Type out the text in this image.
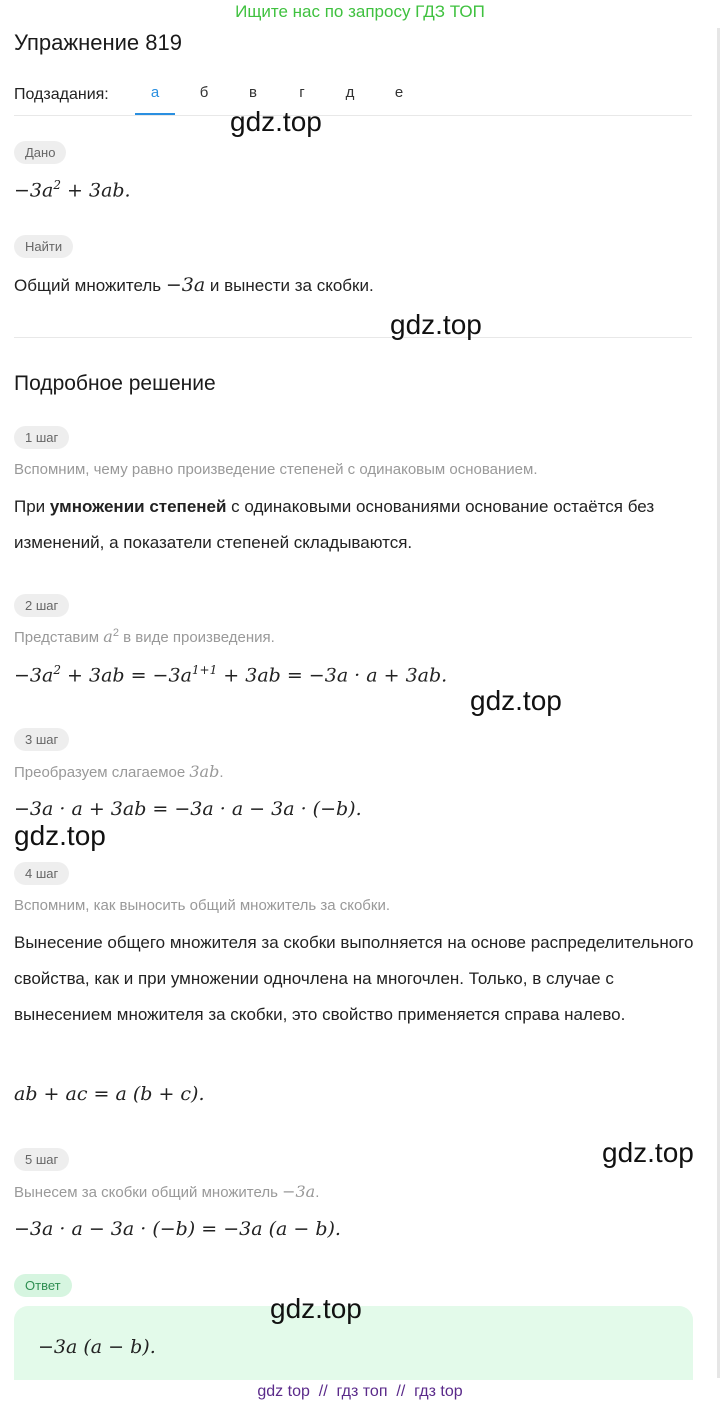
Ищите нас по запросу ГДЗ ТОП
Упражнение 819
Подзадания:	а	б	в	г	д	е
Дано
$-3a^2 + 3ab$.
Найти
Общий множитель −3a и вынести за скобки.
Подробное решение
1 шаг
Вспомним, чему равно произведение степеней с одинаковым основанием.
При умножении степеней с одинаковыми основаниями основание остаётся без изменений, а показатели степеней складываются.
2 шаг
Представим $a^2$ в виде произведения.
$-3a^2 + 3ab = -3a^{1+1} + 3ab = -3a \cdot a + 3ab$.
3 шаг
Преобразуем слагаемое 3ab.
−3a · a + 3ab = −3a · a − 3a · (−b).
4 шаг
Вспомним, как выносить общий множитель за скобки.
Вынесение общего множителя за скобки выполняется на основе распределительного свойства, как и при умножении одночлена на многочлен. Только, в случае с вынесением множителя за скобки, это свойство применяется справа налево.
ab + ac = a (b + c).
5 шаг
Вынесем за скобки общий множитель −3a.
−3a · a − 3a · (−b) = −3a (a − b).
Ответ
−3a (a − b).
gdz.top
gdz.top
gdz.top
gdz.top
gdz.top
gdz.top
gdz top  //  гдз топ  //  гдз top
